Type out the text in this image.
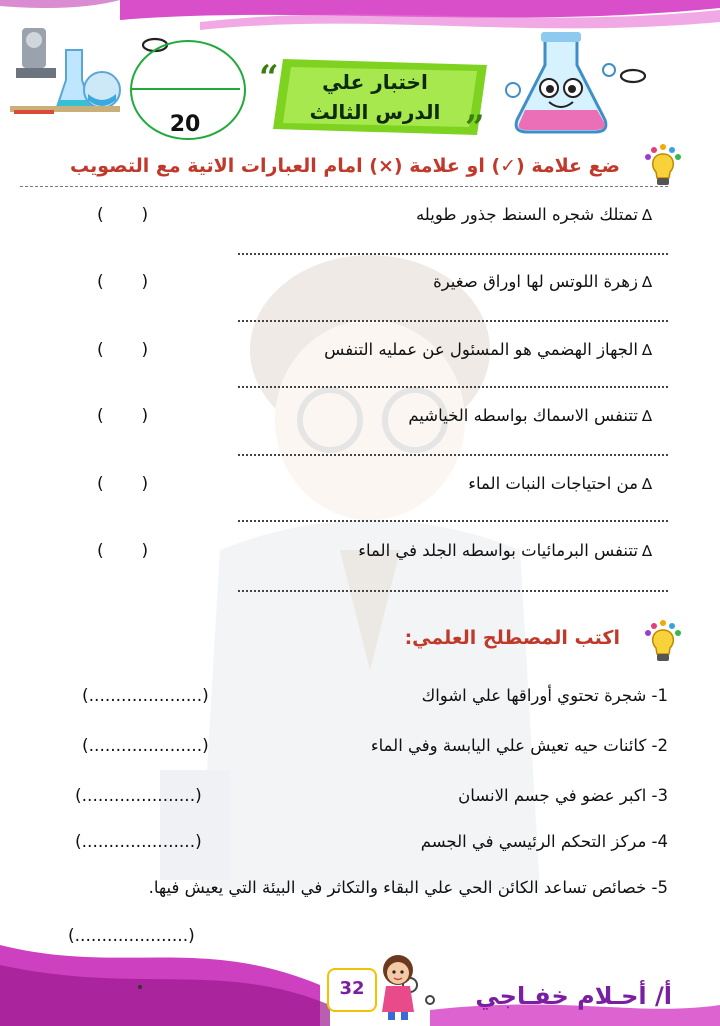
20
“
”
اختبار علي
الدرس الثالث
ضع علامة (✓) او علامة (×) امام العبارات الاتية مع التصويب
∆تمتلك شجره السنط جذور طويله
(       )
∆زهرة اللوتس لها اوراق صغيرة
(       )
∆الجهاز الهضمي هو المسئول عن عمليه التنفس
(       )
∆تتنفس الاسماك بواسطه الخياشيم
(       )
∆من احتياجات النبات الماء
(       )
∆تتنفس البرمائيات بواسطه الجلد في الماء
(       )
اكتب المصطلح العلمي:
1- شجرة تحتوي أوراقها علي اشواك
(.....................)
2- كائنات حيه تعيش علي اليابسة وفي الماء
(.....................)
3- اكبر عضو في جسم الانسان
(.....................)
4- مركز التحكم الرئيسي في الجسم
(.....................)
5- خصائص تساعد الكائن الحي علي البقاء والتكاثر في البيئة التي يعيش فيها.
(.....................)
32	أ/ أحـلام خفـاجي
